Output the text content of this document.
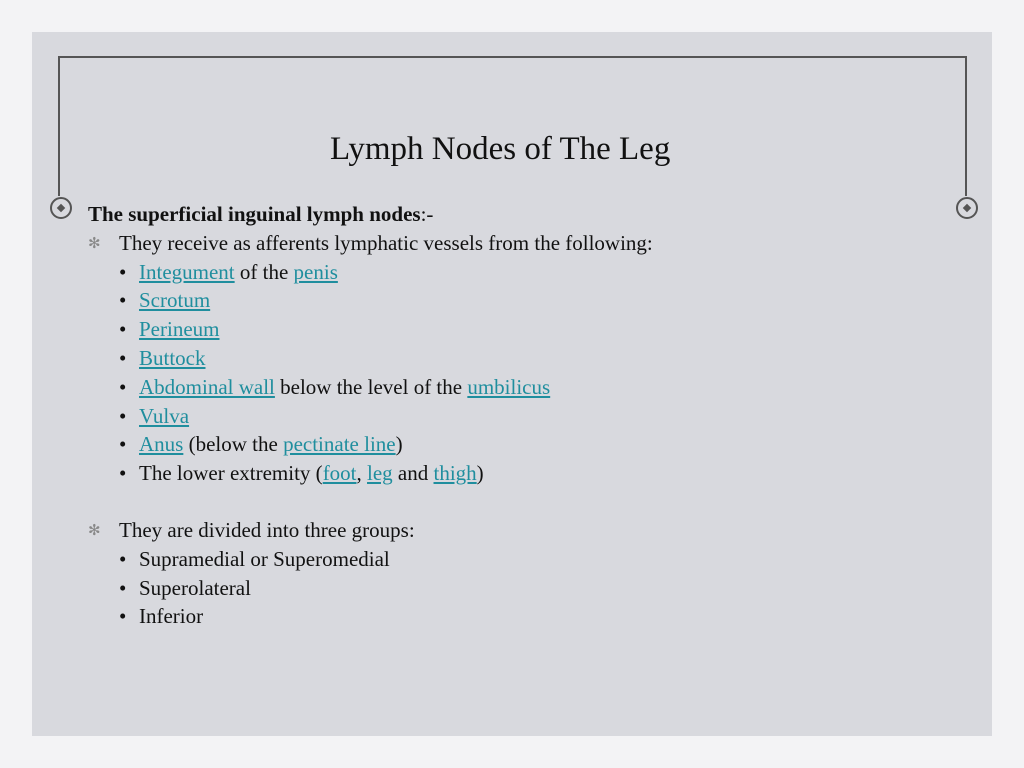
Lymph Nodes of The Leg
The superficial inguinal lymph nodes:-
✻ They receive as afferents lymphatic vessels from the following:
• Integument of the penis
• Scrotum
• Perineum
• Buttock
• Abdominal wall below the level of the umbilicus
• Vulva
• Anus (below the pectinate line)
• The lower extremity (foot, leg and thigh)
✻ They are divided into three groups:
• Supramedial or Superomedial
• Superolateral
• Inferior
